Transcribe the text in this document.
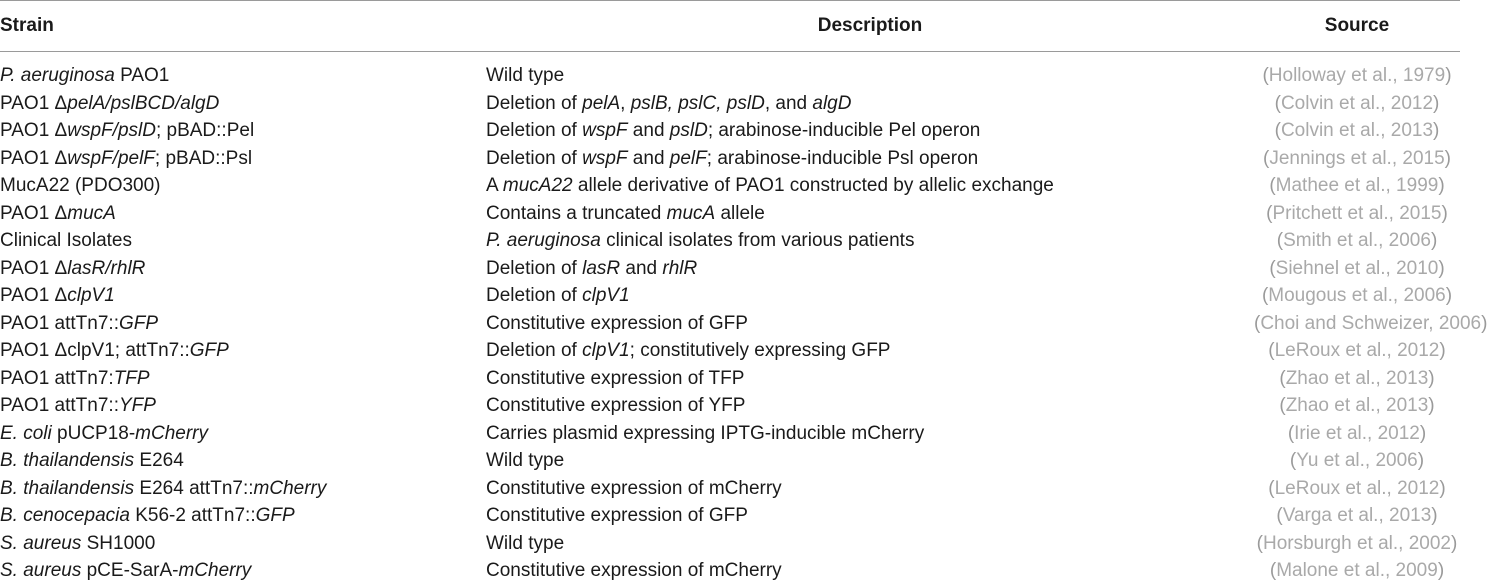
Strain	Description	Source
P. aeruginosa PAO1	Wild type	(Holloway et al., 1979)
PAO1 ΔpelA/pslBCD/algD	Deletion of pelA, pslB, pslC, pslD, and algD	(Colvin et al., 2012)
PAO1 ΔwspF/pslD; pBAD::Pel	Deletion of wspF and pslD; arabinose-inducible Pel operon	(Colvin et al., 2013)
PAO1 ΔwspF/pelF; pBAD::Psl	Deletion of wspF and pelF; arabinose-inducible Psl operon	(Jennings et al., 2015)
MucA22 (PDO300)	A mucA22 allele derivative of PAO1 constructed by allelic exchange	(Mathee et al., 1999)
PAO1 ΔmucA	Contains a truncated mucA allele	(Pritchett et al., 2015)
Clinical Isolates	P. aeruginosa clinical isolates from various patients	(Smith et al., 2006)
PAO1 ΔlasR/rhlR	Deletion of lasR and rhlR	(Siehnel et al., 2010)
PAO1 ΔclpV1	Deletion of clpV1	(Mougous et al., 2006)
PAO1 attTn7::GFP	Constitutive expression of GFP	(Choi and Schweizer, 2006)
PAO1 ΔclpV1; attTn7::GFP	Deletion of clpV1; constitutively expressing GFP	(LeRoux et al., 2012)
PAO1 attTn7:TFP	Constitutive expression of TFP	(Zhao et al., 2013)
PAO1 attTn7::YFP	Constitutive expression of YFP	(Zhao et al., 2013)
E. coli pUCP18-mCherry	Carries plasmid expressing IPTG-inducible mCherry	(Irie et al., 2012)
B. thailandensis E264	Wild type	(Yu et al., 2006)
B. thailandensis E264 attTn7::mCherry	Constitutive expression of mCherry	(LeRoux et al., 2012)
B. cenocepacia K56-2 attTn7::GFP	Constitutive expression of GFP	(Varga et al., 2013)
S. aureus SH1000	Wild type	(Horsburgh et al., 2002)
S. aureus pCE-SarA-mCherry	Constitutive expression of mCherry	(Malone et al., 2009)
